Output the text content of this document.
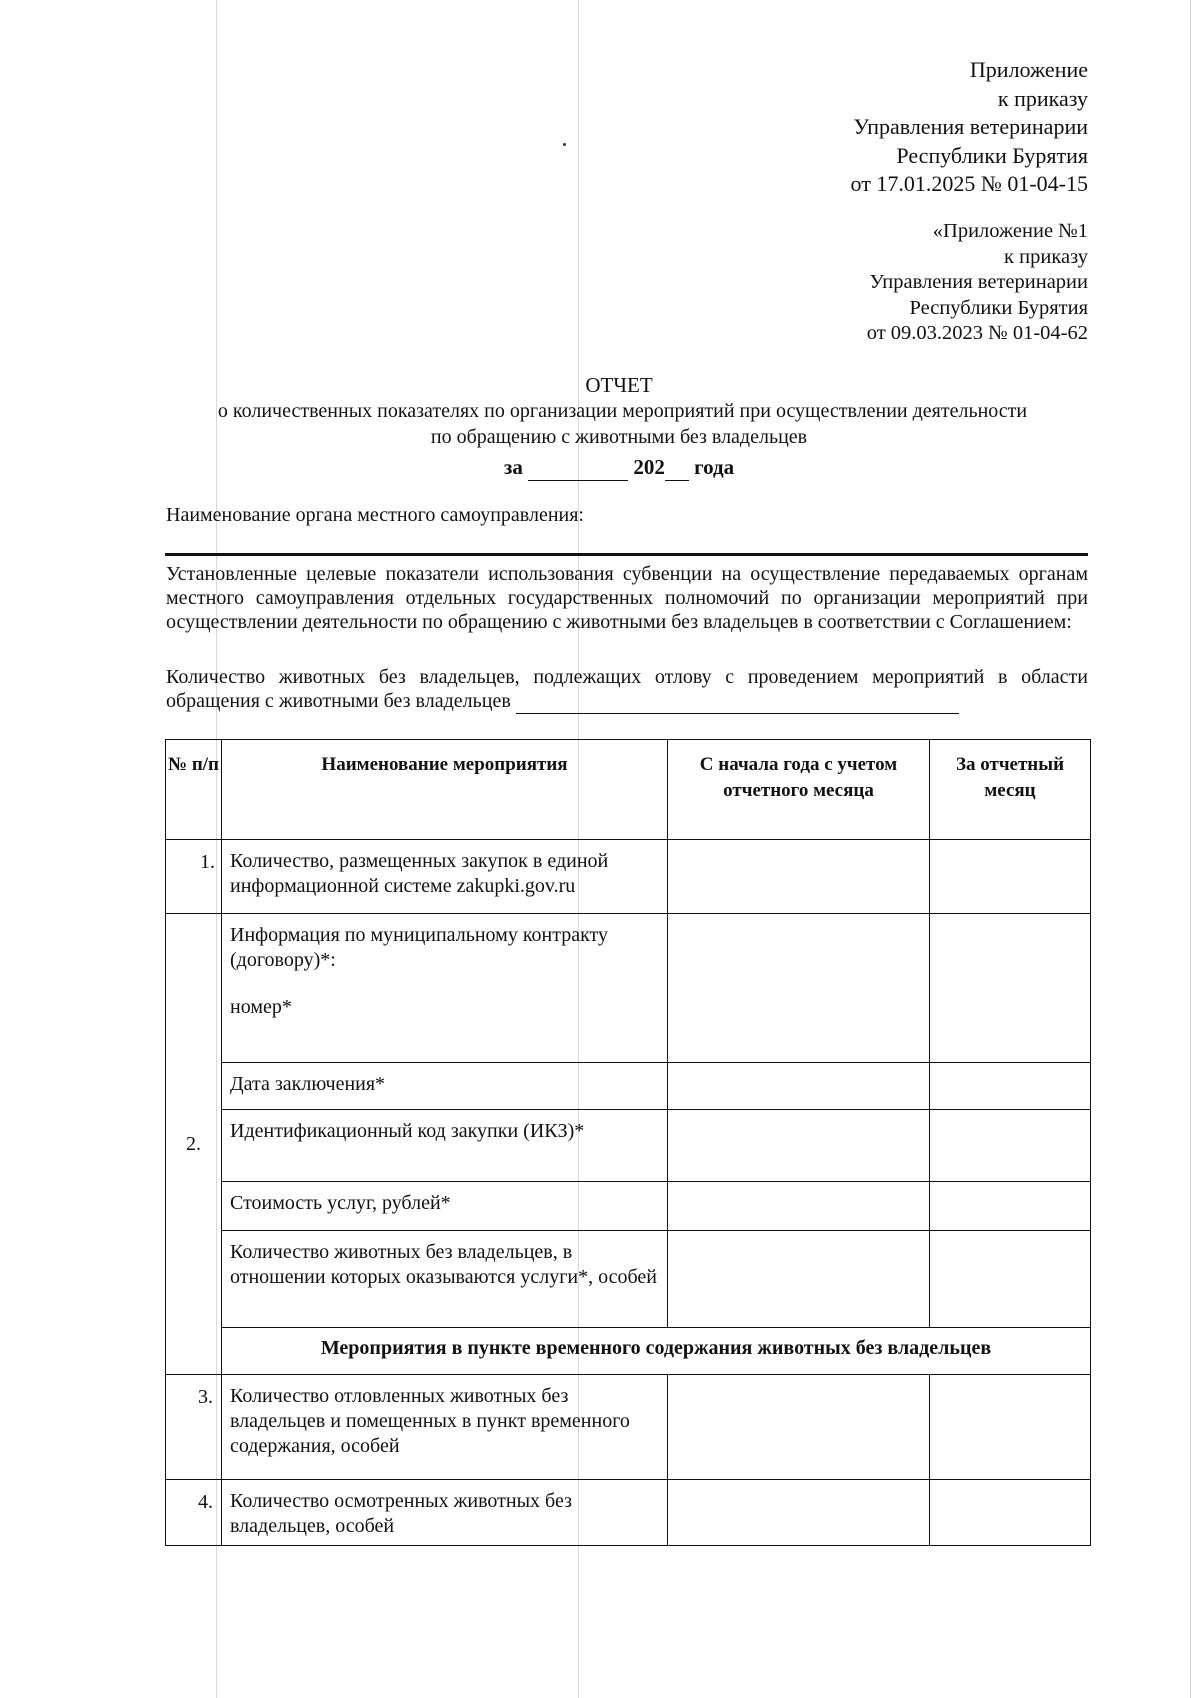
Приложение
к приказу
Управления ветеринарии
Республики Бурятия
от 17.01.2025 № 01-04-15
«Приложение №1
к приказу
Управления ветеринарии
Республики Бурятия
от 09.03.2023 № 01-04-62
ОТЧЕТ
о количественных показателях по организации мероприятий при осуществлении деятельности
по обращению с животными без владельцев
за	202 года
Наименование органа местного самоуправления:
Установленные целевые показатели использования субвенции на осуществление передаваемых органам местного самоуправления отдельных государственных полномочий по организации мероприятий при осуществлении деятельности по обращению с животными без владельцев в соответствии с Соглашением:
Количество животных без владельцев, подлежащих отлову с проведением мероприятий в области обращения с животными без владельцев
№ п/п	Наименование мероприятия	С начала года с учетом отчетного месяца	За отчетный месяц
1.	Количество, размещенных закупок в единой информационной системе zakupki.gov.ru		
2.	Информация по муниципальному контракту (договору)*:
номер*		

	Дата заключения*		
	Идентификационный код закупки (ИКЗ)*		
	Стоимость услуг, рублей*		
	Количество животных без владельцев, в отношении которых оказываются услуги*, особей		
	Мероприятия в пункте временного содержания животных без владельцев		
3.	Количество отловленных животных без владельцев и помещенных в пункт временного содержания, особей		
4.	Количество осмотренных животных без владельцев, особей		
